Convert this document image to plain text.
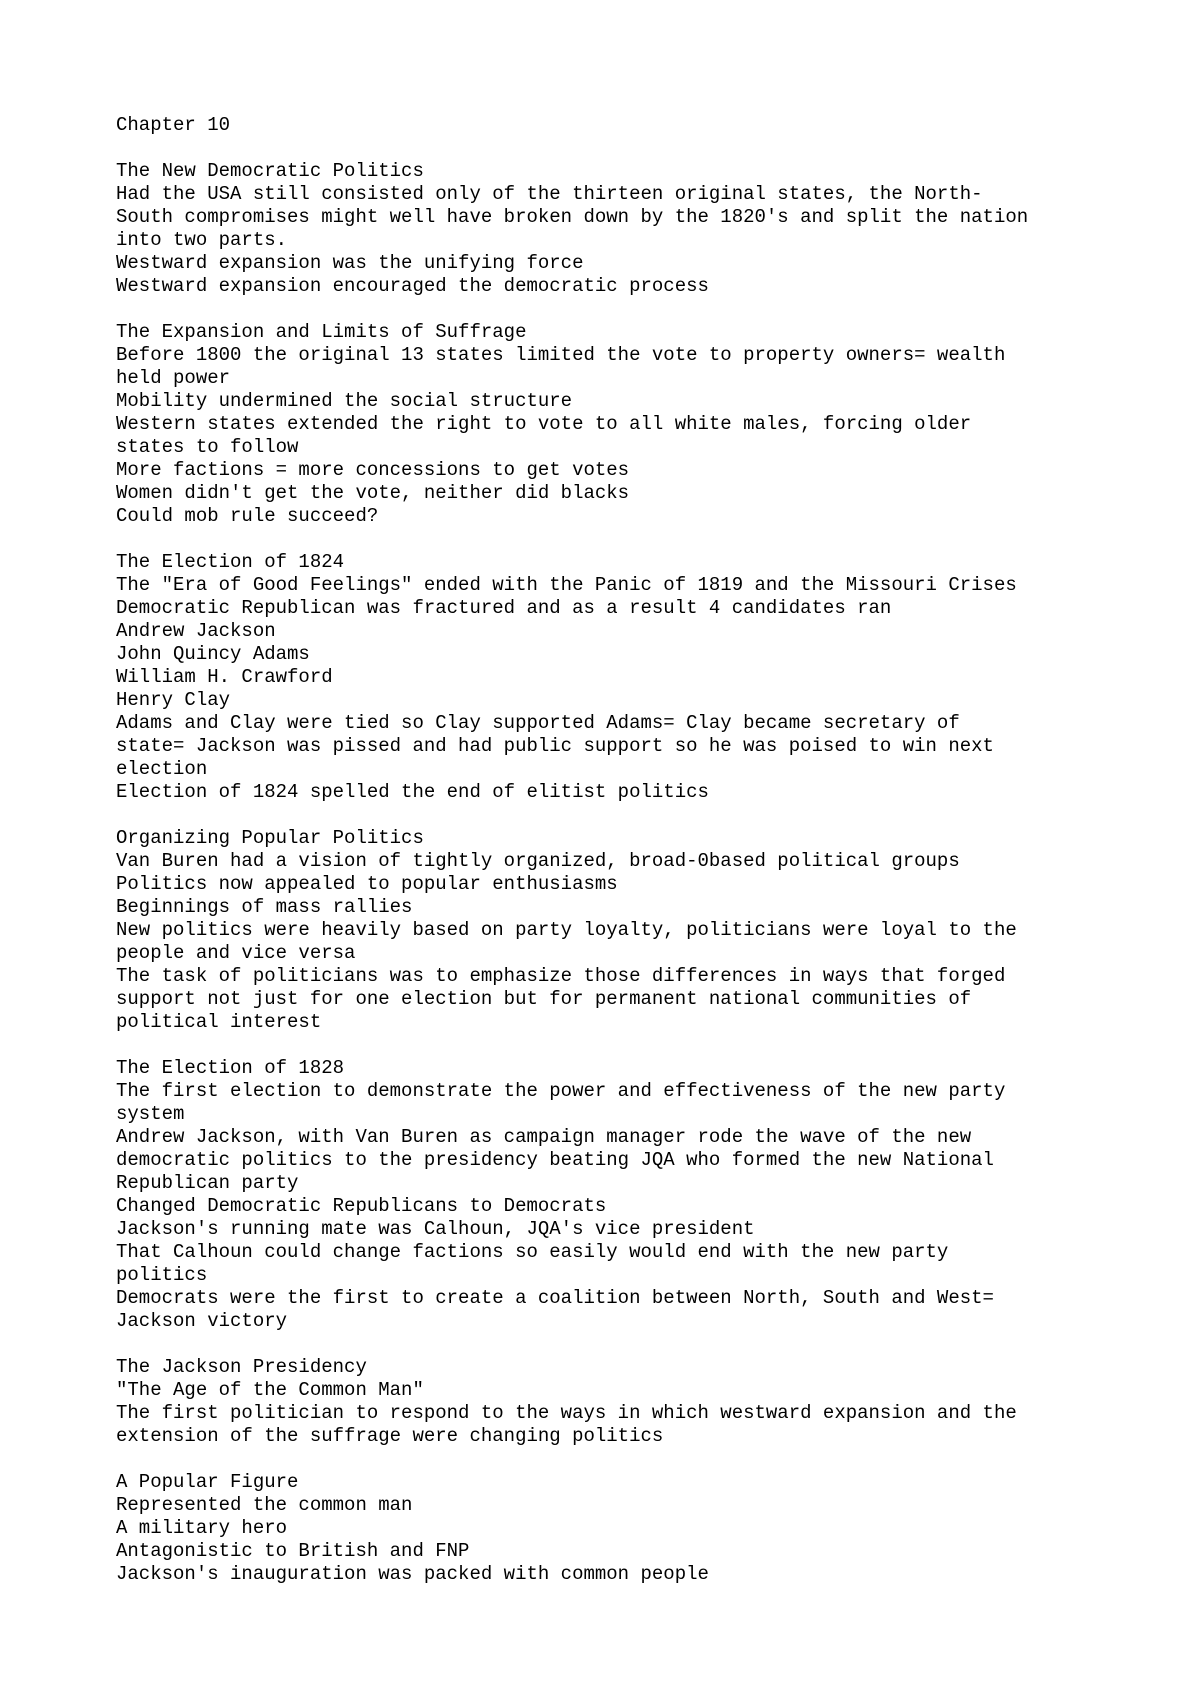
Chapter 10
The New Democratic Politics
Had the USA still consisted only of the thirteen original states, the North-
South compromises might well have broken down by the 1820's and split the nation
into two parts.
Westward expansion was the unifying force
Westward expansion encouraged the democratic process
The Expansion and Limits of Suffrage
Before 1800 the original 13 states limited the vote to property owners= wealth
held power
Mobility undermined the social structure
Western states extended the right to vote to all white males, forcing older
states to follow
More factions = more concessions to get votes
Women didn't get the vote, neither did blacks
Could mob rule succeed?
The Election of 1824
The "Era of Good Feelings" ended with the Panic of 1819 and the Missouri Crises
Democratic Republican was fractured and as a result 4 candidates ran
Andrew Jackson
John Quincy Adams
William H. Crawford
Henry Clay
Adams and Clay were tied so Clay supported Adams= Clay became secretary of
state= Jackson was pissed and had public support so he was poised to win next
election
Election of 1824 spelled the end of elitist politics
Organizing Popular Politics
Van Buren had a vision of tightly organized, broad-0based political groups
Politics now appealed to popular enthusiasms
Beginnings of mass rallies
New politics were heavily based on party loyalty, politicians were loyal to the
people and vice versa
The task of politicians was to emphasize those differences in ways that forged
support not just for one election but for permanent national communities of
political interest
The Election of 1828
The first election to demonstrate the power and effectiveness of the new party
system
Andrew Jackson, with Van Buren as campaign manager rode the wave of the new
democratic politics to the presidency beating JQA who formed the new National
Republican party
Changed Democratic Republicans to Democrats
Jackson's running mate was Calhoun, JQA's vice president
That Calhoun could change factions so easily would end with the new party
politics
Democrats were the first to create a coalition between North, South and West=
Jackson victory
The Jackson Presidency
"The Age of the Common Man"
The first politician to respond to the ways in which westward expansion and the
extension of the suffrage were changing politics
A Popular Figure
Represented the common man
A military hero
Antagonistic to British and FNP
Jackson's inauguration was packed with common people
